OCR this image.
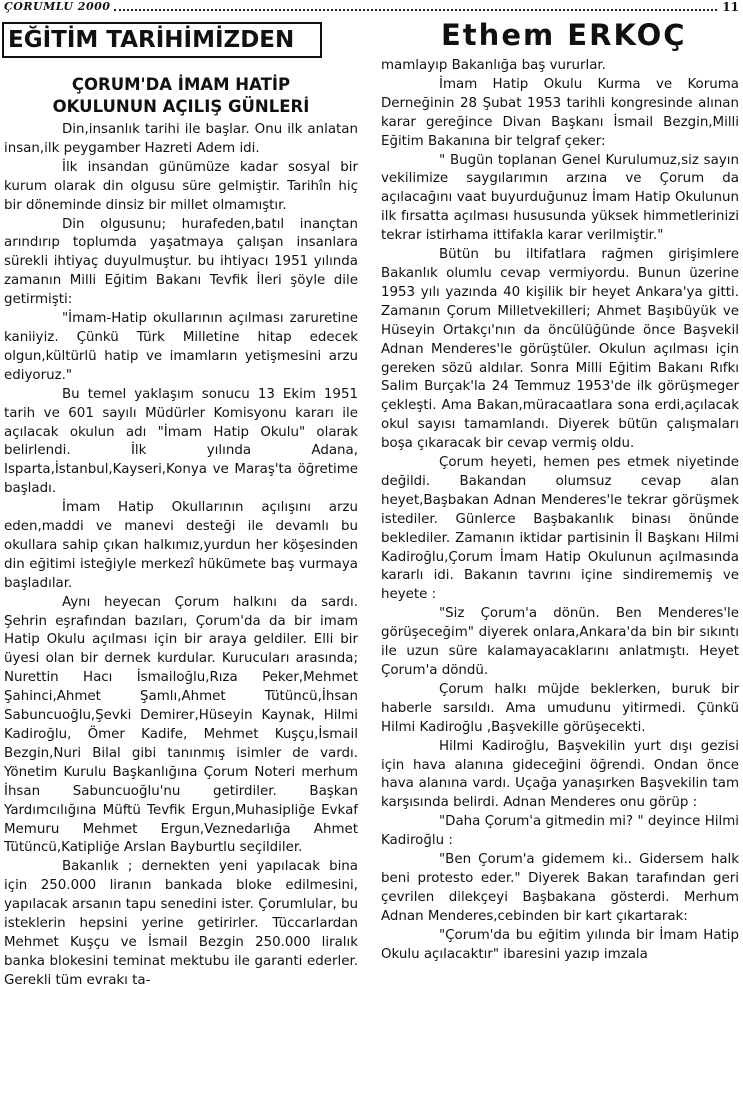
ÇORUMLU 2000	11
EĞİTİM TARİHİMİZDEN	Ethem ERKOÇ
ÇORUM'DA İMAM HATİP
OKULUNUN AÇILIŞ GÜNLERİ

Din,insanlık tarihi ile başlar. Onu ilk anlatan insan,ilk peygamber Hazreti Adem idi.

İlk insandan günümüze kadar sosyal bir kurum olarak din olgusu süre gelmiştir. Tarihîn hiç bir döneminde dinsiz bir millet olmamıştır.

Din olgusunu; hurafeden,batıl inançtan arındırıp toplumda yaşatmaya çalışan insanlara sürekli ihtiyaç duyulmuştur. bu ihtiyacı 1951 yılında zamanın Milli Eğitim Bakanı Tevfik İleri şöyle dile getirmişti:

"İmam-Hatip okullarının açılması zaruretine kaniiyiz. Çünkü Türk Milletine hitap edecek olgun,kültürlü hatip ve imamların yetişmesini arzu ediyoruz."

Bu temel yaklaşım sonucu 13 Ekim 1951 tarih ve 601 sayılı Müdürler Komisyonu kararı ile açılacak okulun adı "İmam Hatip Okulu" olarak belirlendi. İlk yılında Adana, Isparta,İstanbul,Kayseri,Konya ve Maraş'ta öğretime başladı.

İmam Hatip Okullarının açılışını arzu eden,maddi ve manevi desteği ile devamlı bu okullara sahip çıkan halkımız,yurdun her köşesinden din eğitimi isteğiyle merkezî hükümete baş vurmaya başladılar.

Aynı heyecan Çorum halkını da sardı. Şehrin eşrafından bazıları, Çorum'da da bir imam Hatip Okulu açılması için bir araya geldiler. Elli bir üyesi olan bir dernek kurdular. Kurucuları arasında; Nurettin Hacı İsmailoğlu,Rıza Peker,Mehmet Şahinci,Ahmet Şamlı,Ahmet Tütüncü,İhsan Sabuncuoğlu,Şevki Demirer,Hüseyin Kaynak, Hilmi Kadiroğlu, Ömer Kadife, Mehmet Kuşçu,İsmail Bezgin,Nuri Bilal gibi tanınmış isimler de vardı. Yönetim Kurulu Başkanlığına Çorum Noteri merhum İhsan Sabuncuoğlu'nu getirdiler. Başkan Yardımcılığına Müftü Tevfik Ergun,Muhasipliğe Evkaf Memuru Mehmet Ergun,Veznedarlığa Ahmet Tütüncü,Katipliğe Arslan Bayburtlu seçildiler.

Bakanlık ; dernekten yeni yapılacak bina için 250.000 liranın bankada bloke edilmesini, yapılacak arsanın tapu senedini ister. Çorumlular, bu isteklerin hepsini yerine getirirler. Tüccarlardan Mehmet Kuşçu ve İsmail Bezgin 250.000 liralık banka blokesini teminat mektubu ile garanti ederler. Gerekli tüm evrakı ta-

mamlayıp Bakanlığa baş vururlar.

İmam Hatip Okulu Kurma ve Koruma Derneğinin 28 Şubat 1953 tarihli kongresinde alınan karar gereğince Divan Başkanı İsmail Bezgin,Milli Eğitim Bakanına bir telgraf çeker:

" Bugün toplanan Genel Kurulumuz,siz sayın vekilimize saygılarımın arzına ve Çorum da açılacağını vaat buyurduğunuz İmam Hatip Okulunun ilk fırsatta açılması hususunda yüksek himmetlerinizi tekrar istirhama ittifakla karar verilmiştir."

Bütün bu iltifatlara rağmen girişimlere Bakanlık olumlu cevap vermiyordu. Bunun üzerine 1953 yılı yazında 40 kişilik bir heyet Ankara'ya gitti. Zamanın Çorum Milletvekilleri; Ahmet Başıbüyük ve Hüseyin Ortakçı'nın da öncülüğünde önce Başvekil Adnan Menderes'le görüştüler. Okulun açılması için gereken sözü aldılar. Sonra Milli Eğitim Bakanı Rıfkı Salim Burçak'la 24 Temmuz 1953'de ilk görüşmeger çekleşti. Ama Bakan,müracaatlara sona erdi,açılacak okul sayısı tamamlandı. Diyerek bütün çalışmaları boşa çıkaracak bir cevap vermiş oldu.

Çorum heyeti, hemen pes etmek niyetinde değildi. Bakandan olumsuz cevap alan heyet,Başbakan Adnan Menderes'le tekrar görüşmek istediler. Günlerce Başbakanlık binası önünde beklediler. Zamanın iktidar partisinin İl Başkanı Hilmi Kadiroğlu,Çorum İmam Hatip Okulunun açılmasında kararlı idi. Bakanın tavrını içine sindirememiş ve heyete :

"Siz Çorum'a dönün. Ben Menderes'le görüşeceğim" diyerek onlara,Ankara'da bin bir sıkıntı ile uzun süre kalamayacaklarını anlatmıştı. Heyet Çorum'a döndü.

Çorum halkı müjde beklerken, buruk bir haberle sarsıldı. Ama umudunu yitirmedi. Çünkü Hilmi Kadiroğlu ,Başvekille görüşecekti.

Hilmi Kadiroğlu, Başvekilin yurt dışı gezisi için hava alanına gideceğini öğrendi. Ondan önce hava alanına vardı. Uçağa yanaşırken Başvekilin tam karşısında belirdi. Adnan Menderes onu görüp :

"Daha Çorum'a gitmedin mi? " deyince Hilmi Kadiroğlu :

"Ben Çorum'a gidemem ki.. Gidersem halk beni protesto eder." Diyerek Bakan tarafından geri çevrilen dilekçeyi Başbakana gösterdi. Merhum Adnan Menderes,cebinden bir kart çıkartarak:

"Çorum'da bu eğitim yılında bir İmam Hatip Okulu açılacaktır" ibaresini yazıp imzala
